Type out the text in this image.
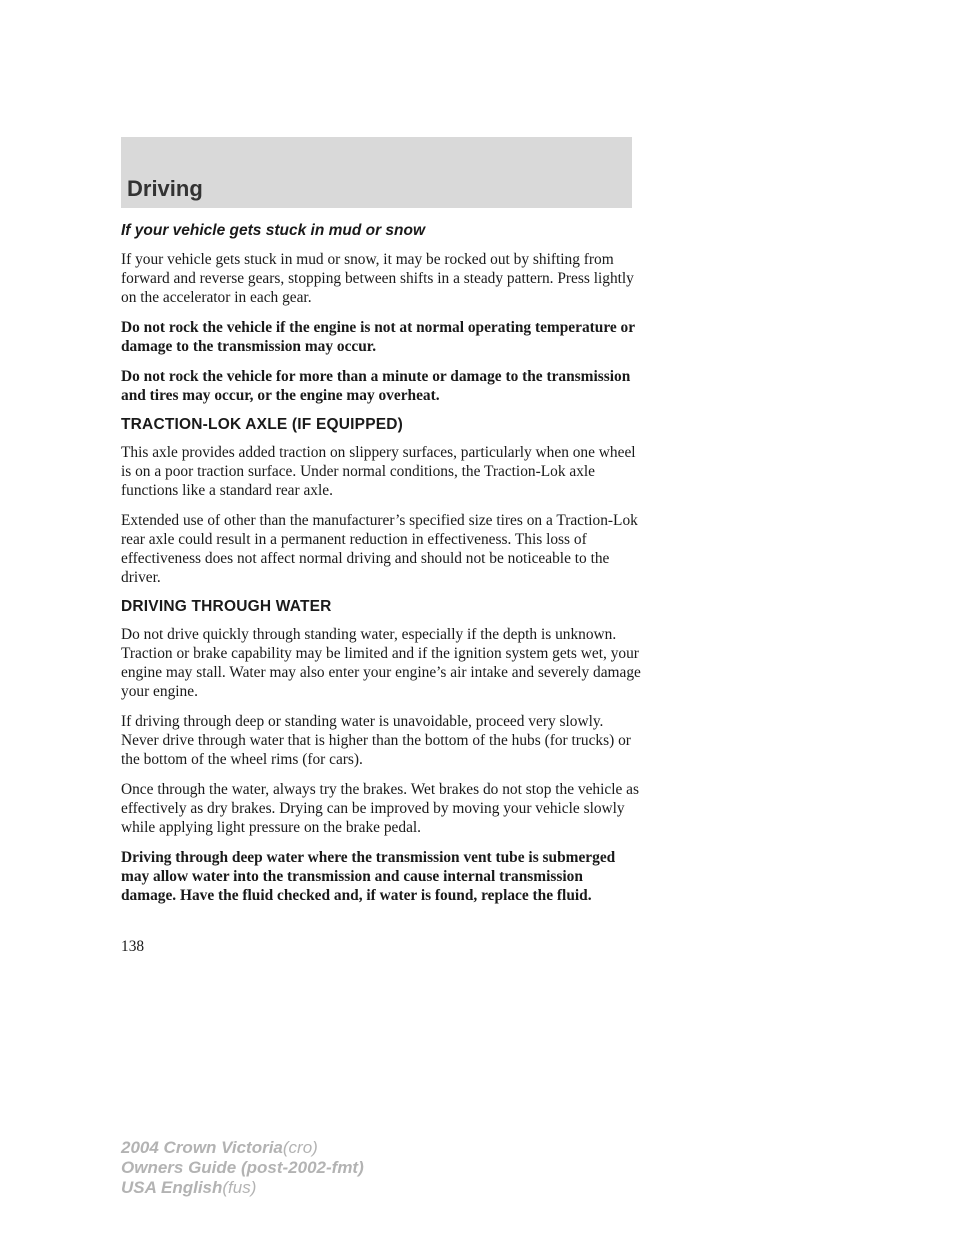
Driving
If your vehicle gets stuck in mud or snow

If your vehicle gets stuck in mud or snow, it may be rocked out by shifting from forward and reverse gears, stopping between shifts in a steady pattern. Press lightly on the accelerator in each gear.

Do not rock the vehicle if the engine is not at normal operating temperature or damage to the transmission may occur.

Do not rock the vehicle for more than a minute or damage to the transmission and tires may occur, or the engine may overheat.

TRACTION-LOK AXLE (IF EQUIPPED)

This axle provides added traction on slippery surfaces, particularly when one wheel is on a poor traction surface. Under normal conditions, the Traction-Lok axle functions like a standard rear axle.

Extended use of other than the manufacturer’s specified size tires on a Traction-Lok rear axle could result in a permanent reduction in effectiveness. This loss of effectiveness does not affect normal driving and should not be noticeable to the driver.

DRIVING THROUGH WATER

Do not drive quickly through standing water, especially if the depth is unknown. Traction or brake capability may be limited and if the ignition system gets wet, your engine may stall. Water may also enter your engine’s air intake and severely damage your engine.

If driving through deep or standing water is unavoidable, proceed very slowly. Never drive through water that is higher than the bottom of the hubs (for trucks) or the bottom of the wheel rims (for cars).

Once through the water, always try the brakes. Wet brakes do not stop the vehicle as effectively as dry brakes. Drying can be improved by moving your vehicle slowly while applying light pressure on the brake pedal.

Driving through deep water where the transmission vent tube is submerged may allow water into the transmission and cause internal transmission damage. Have the fluid checked and, if water is found, replace the fluid.

138

2004 Crown Victoria(cro)
Owners Guide (post-2002-fmt)
USA English(fus)
